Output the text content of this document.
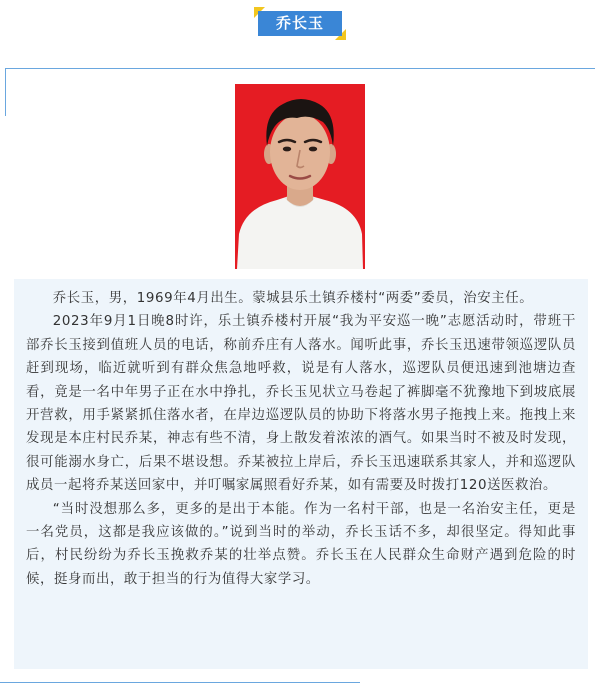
乔长玉

乔长玉，男，1969年4月出生。蒙城县乐土镇乔楼村“两委”委员，治安主任。

2023年9月1日晚8时许，乐土镇乔楼村开展“我为平安巡一晚”志愿活动时，带班干部乔长玉接到值班人员的电话，称前乔庄有人落水。闻听此事，乔长玉迅速带领巡逻队员赶到现场，临近就听到有群众焦急地呼救，说是有人落水，巡逻队员便迅速到池塘边查看，竟是一名中年男子正在水中挣扎，乔长玉见状立马卷起了裤脚毫不犹豫地下到坡底展开营救，用手紧紧抓住落水者，在岸边巡逻队员的协助下将落水男子拖拽上来。拖拽上来发现是本庄村民乔某，神志有些不清，身上散发着浓浓的酒气。如果当时不被及时发现，很可能溺水身亡，后果不堪设想。乔某被拉上岸后，乔长玉迅速联系其家人，并和巡逻队成员一起将乔某送回家中，并叮嘱家属照看好乔某，如有需要及时拨打120送医救治。

“当时没想那么多，更多的是出于本能。作为一名村干部，也是一名治安主任，更是一名党员，这都是我应该做的。”说到当时的举动，乔长玉话不多，却很坚定。得知此事后，村民纷纷为乔长玉挽救乔某的壮举点赞。乔长玉在人民群众生命财产遇到危险的时候，挺身而出，敢于担当的行为值得大家学习。
